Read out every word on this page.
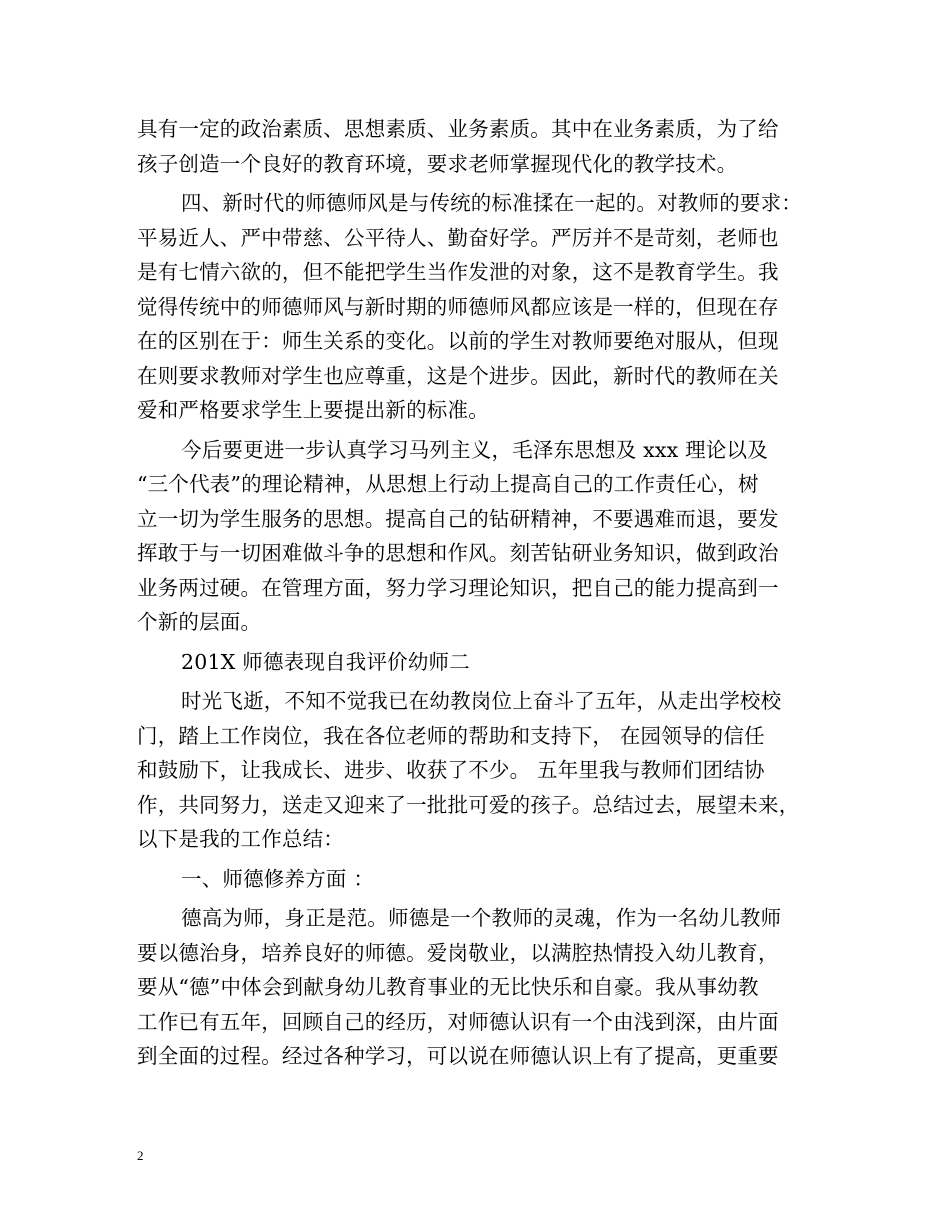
具有一定的政治素质、思想素质、业务素质。其中在业务素质，为了给
孩子创造一个良好的教育环境，要求老师掌握现代化的教学技术。
四、新时代的师德师风是与传统的标准揉在一起的。对教师的要求：
平易近人、严中带慈、公平待人、勤奋好学。严厉并不是苛刻，老师也
是有七情六欲的，但不能把学生当作发泄的对象，这不是教育学生。我
觉得传统中的师德师风与新时期的师德师风都应该是一样的，但现在存
在的区别在于：师生关系的变化。以前的学生对教师要绝对服从，但现
在则要求教师对学生也应尊重，这是个进步。因此，新时代的教师在关
爱和严格要求学生上要提出新的标准。
今后要更进一步认真学习马列主义，毛泽东思想及 xxx 理论以及
“三个代表”的理论精神，从思想上行动上提高自己的工作责任心，树
立一切为学生服务的思想。提高自己的钻研精神，不要遇难而退，要发
挥敢于与一切困难做斗争的思想和作风。刻苦钻研业务知识，做到政治
业务两过硬。在管理方面，努力学习理论知识，把自己的能力提高到一
个新的层面。
201X 师德表现自我评价幼师二
时光飞逝，不知不觉我已在幼教岗位上奋斗了五年，从走出学校校
门，踏上工作岗位，我在各位老师的帮助和支持下， 在园领导的信任
和鼓励下，让我成长、进步、收获了不少。 五年里我与教师们团结协
作，共同努力，送走又迎来了一批批可爱的孩子。总结过去，展望未来，
以下是我的工作总结：
一、师德修养方面 ：
德高为师，身正是范。师德是一个教师的灵魂，作为一名幼儿教师
要以德治身，培养良好的师德。爱岗敬业，以满腔热情投入幼儿教育，
要从“德”中体会到献身幼儿教育事业的无比快乐和自豪。我从事幼教
工作已有五年，回顾自己的经历，对师德认识有一个由浅到深，由片面
到全面的过程。经过各种学习，可以说在师德认识上有了提高，更重要
2
